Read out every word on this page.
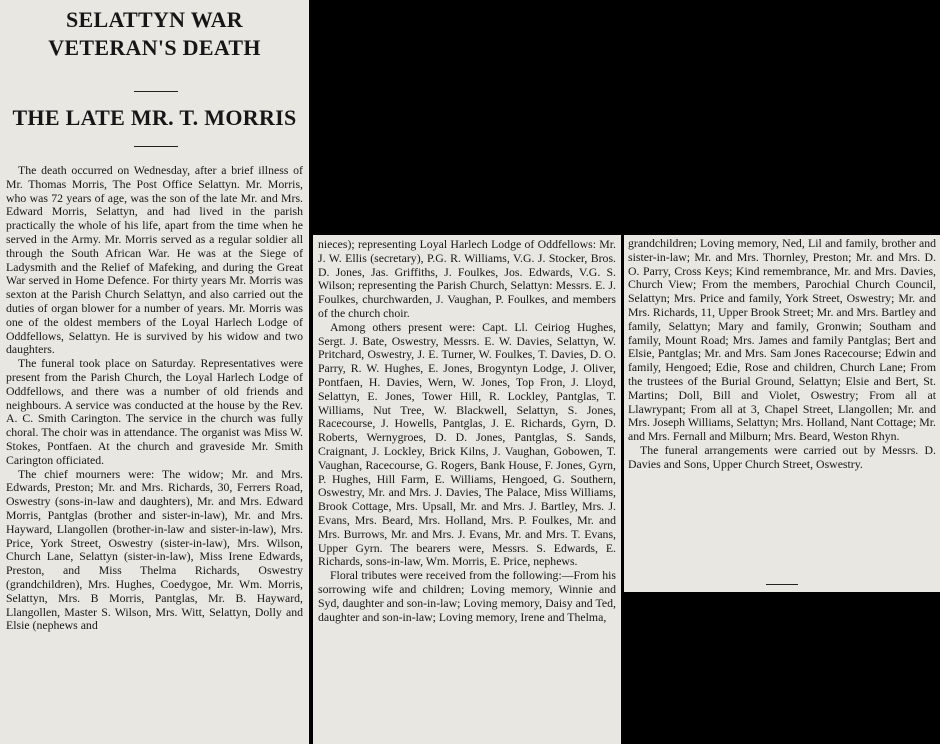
SELATTYN WAR VETERAN'S DEATH
THE LATE MR. T. MORRIS

The death occurred on Wednesday, after a brief illness of Mr. Thomas Morris, The Post Office Selattyn. Mr. Morris, who was 72 years of age, was the son of the late Mr. and Mrs. Edward Morris, Selattyn, and had lived in the parish practically the whole of his life, apart from the time when he served in the Army. Mr. Morris served as a regular soldier all through the South African War. He was at the Siege of Ladysmith and the Relief of Mafeking, and during the Great War served in Home Defence. For thirty years Mr. Morris was sexton at the Parish Church Selattyn, and also carried out the duties of organ blower for a number of years. Mr. Morris was one of the oldest members of the Loyal Harlech Lodge of Oddfellows, Selattyn. He is survived by his widow and two daughters.

The funeral took place on Saturday. Representatives were present from the Parish Church, the Loyal Harlech Lodge of Oddfellows, and there was a number of old friends and neighbours. A service was conducted at the house by the Rev. A. C. Smith Carington. The service in the church was fully choral. The choir was in attendance. The organist was Miss W. Stokes, Pontfaen. At the church and graveside Mr. Smith Carington officiated.

The chief mourners were: The widow; Mr. and Mrs. Edwards, Preston; Mr. and Mrs. Richards, 30, Ferrers Road, Oswestry (sons-in-law and daughters), Mr. and Mrs. Edward Morris, Pantglas (brother and sister-in-law), Mr. and Mrs. Hayward, Llangollen (brother-in-law and sister-in-law), Mrs. Price, York Street, Oswestry (sister-in-law), Mrs. Wilson, Church Lane, Selattyn (sister-in-law), Miss Irene Edwards, Preston, and Miss Thelma Richards, Oswestry (grandchildren), Mrs. Hughes, Coedygoe, Mr. Wm. Morris, Selattyn, Mrs. B Morris, Pantglas, Mr. B. Hayward, Llangollen, Master S. Wilson, Mrs. Witt, Selattyn, Dolly and Elsie (nephews and

nieces); representing Loyal Harlech Lodge of Oddfellows: Mr. J. W. Ellis (secretary), P.G. R. Williams, V.G. J. Stocker, Bros. D. Jones, Jas. Griffiths, J. Foulkes, Jos. Edwards, V.G. S. Wilson; representing the Parish Church, Selattyn: Messrs. E. J. Foulkes, churchwarden, J. Vaughan, P. Foulkes, and members of the church choir.

Among others present were: Capt. Ll. Ceiriog Hughes, Sergt. J. Bate, Oswestry, Messrs. E. W. Davies, Selattyn, W. Pritchard, Oswestry, J. E. Turner, W. Foulkes, T. Davies, D. O. Parry, R. W. Hughes, E. Jones, Brogyntyn Lodge, J. Oliver, Pontfaen, H. Davies, Wern, W. Jones, Top Fron, J. Lloyd, Selattyn, E. Jones, Tower Hill, R. Lockley, Pantglas, T. Williams, Nut Tree, W. Blackwell, Selattyn, S. Jones, Racecourse, J. Howells, Pantglas, J. E. Richards, Gyrn, D. Roberts, Wernygroes, D. D. Jones, Pantglas, S. Sands, Craignant, J. Lockley, Brick Kilns, J. Vaughan, Gobowen, T. Vaughan, Racecourse, G. Rogers, Bank House, F. Jones, Gyrn, P. Hughes, Hill Farm, E. Williams, Hengoed, G. Southern, Oswestry, Mr. and Mrs. J. Davies, The Palace, Miss Williams, Brook Cottage, Mrs. Upsall, Mr. and Mrs. J. Bartley, Mrs. J. Evans, Mrs. Beard, Mrs. Holland, Mrs. P. Foulkes, Mr. and Mrs. Burrows, Mr. and Mrs. J. Evans, Mr. and Mrs. T. Evans, Upper Gyrn. The bearers were, Messrs. S. Edwards, E. Richards, sons-in-law, Wm. Morris, E. Price, nephews.

Floral tributes were received from the following:—From his sorrowing wife and children; Loving memory, Winnie and Syd, daughter and son-in-law; Loving memory, Daisy and Ted, daughter and son-in-law; Loving memory, Irene and Thelma,

grandchildren; Loving memory, Ned, Lil and family, brother and sister-in-law; Mr. and Mrs. Thornley, Preston; Mr. and Mrs. D. O. Parry, Cross Keys; Kind remembrance, Mr. and Mrs. Davies, Church View; From the members, Parochial Church Council, Selattyn; Mrs. Price and family, York Street, Oswestry; Mr. and Mrs. Richards, 11, Upper Brook Street; Mr. and Mrs. Bartley and family, Selattyn; Mary and family, Gronwin; Southam and family, Mount Road; Mrs. James and family Pantglas; Bert and Elsie, Pantglas; Mr. and Mrs. Sam Jones Racecourse; Edwin and family, Hengoed; Edie, Rose and children, Church Lane; From the trustees of the Burial Ground, Selattyn; Elsie and Bert, St. Martins; Doll, Bill and Violet, Oswestry; From all at Llawrypant; From all at 3, Chapel Street, Llangollen; Mr. and Mrs. Joseph Williams, Selattyn; Mrs. Holland, Nant Cottage; Mr. and Mrs. Fernall and Milburn; Mrs. Beard, Weston Rhyn.

The funeral arrangements were carried out by Messrs. D. Davies and Sons, Upper Church Street, Oswestry.
